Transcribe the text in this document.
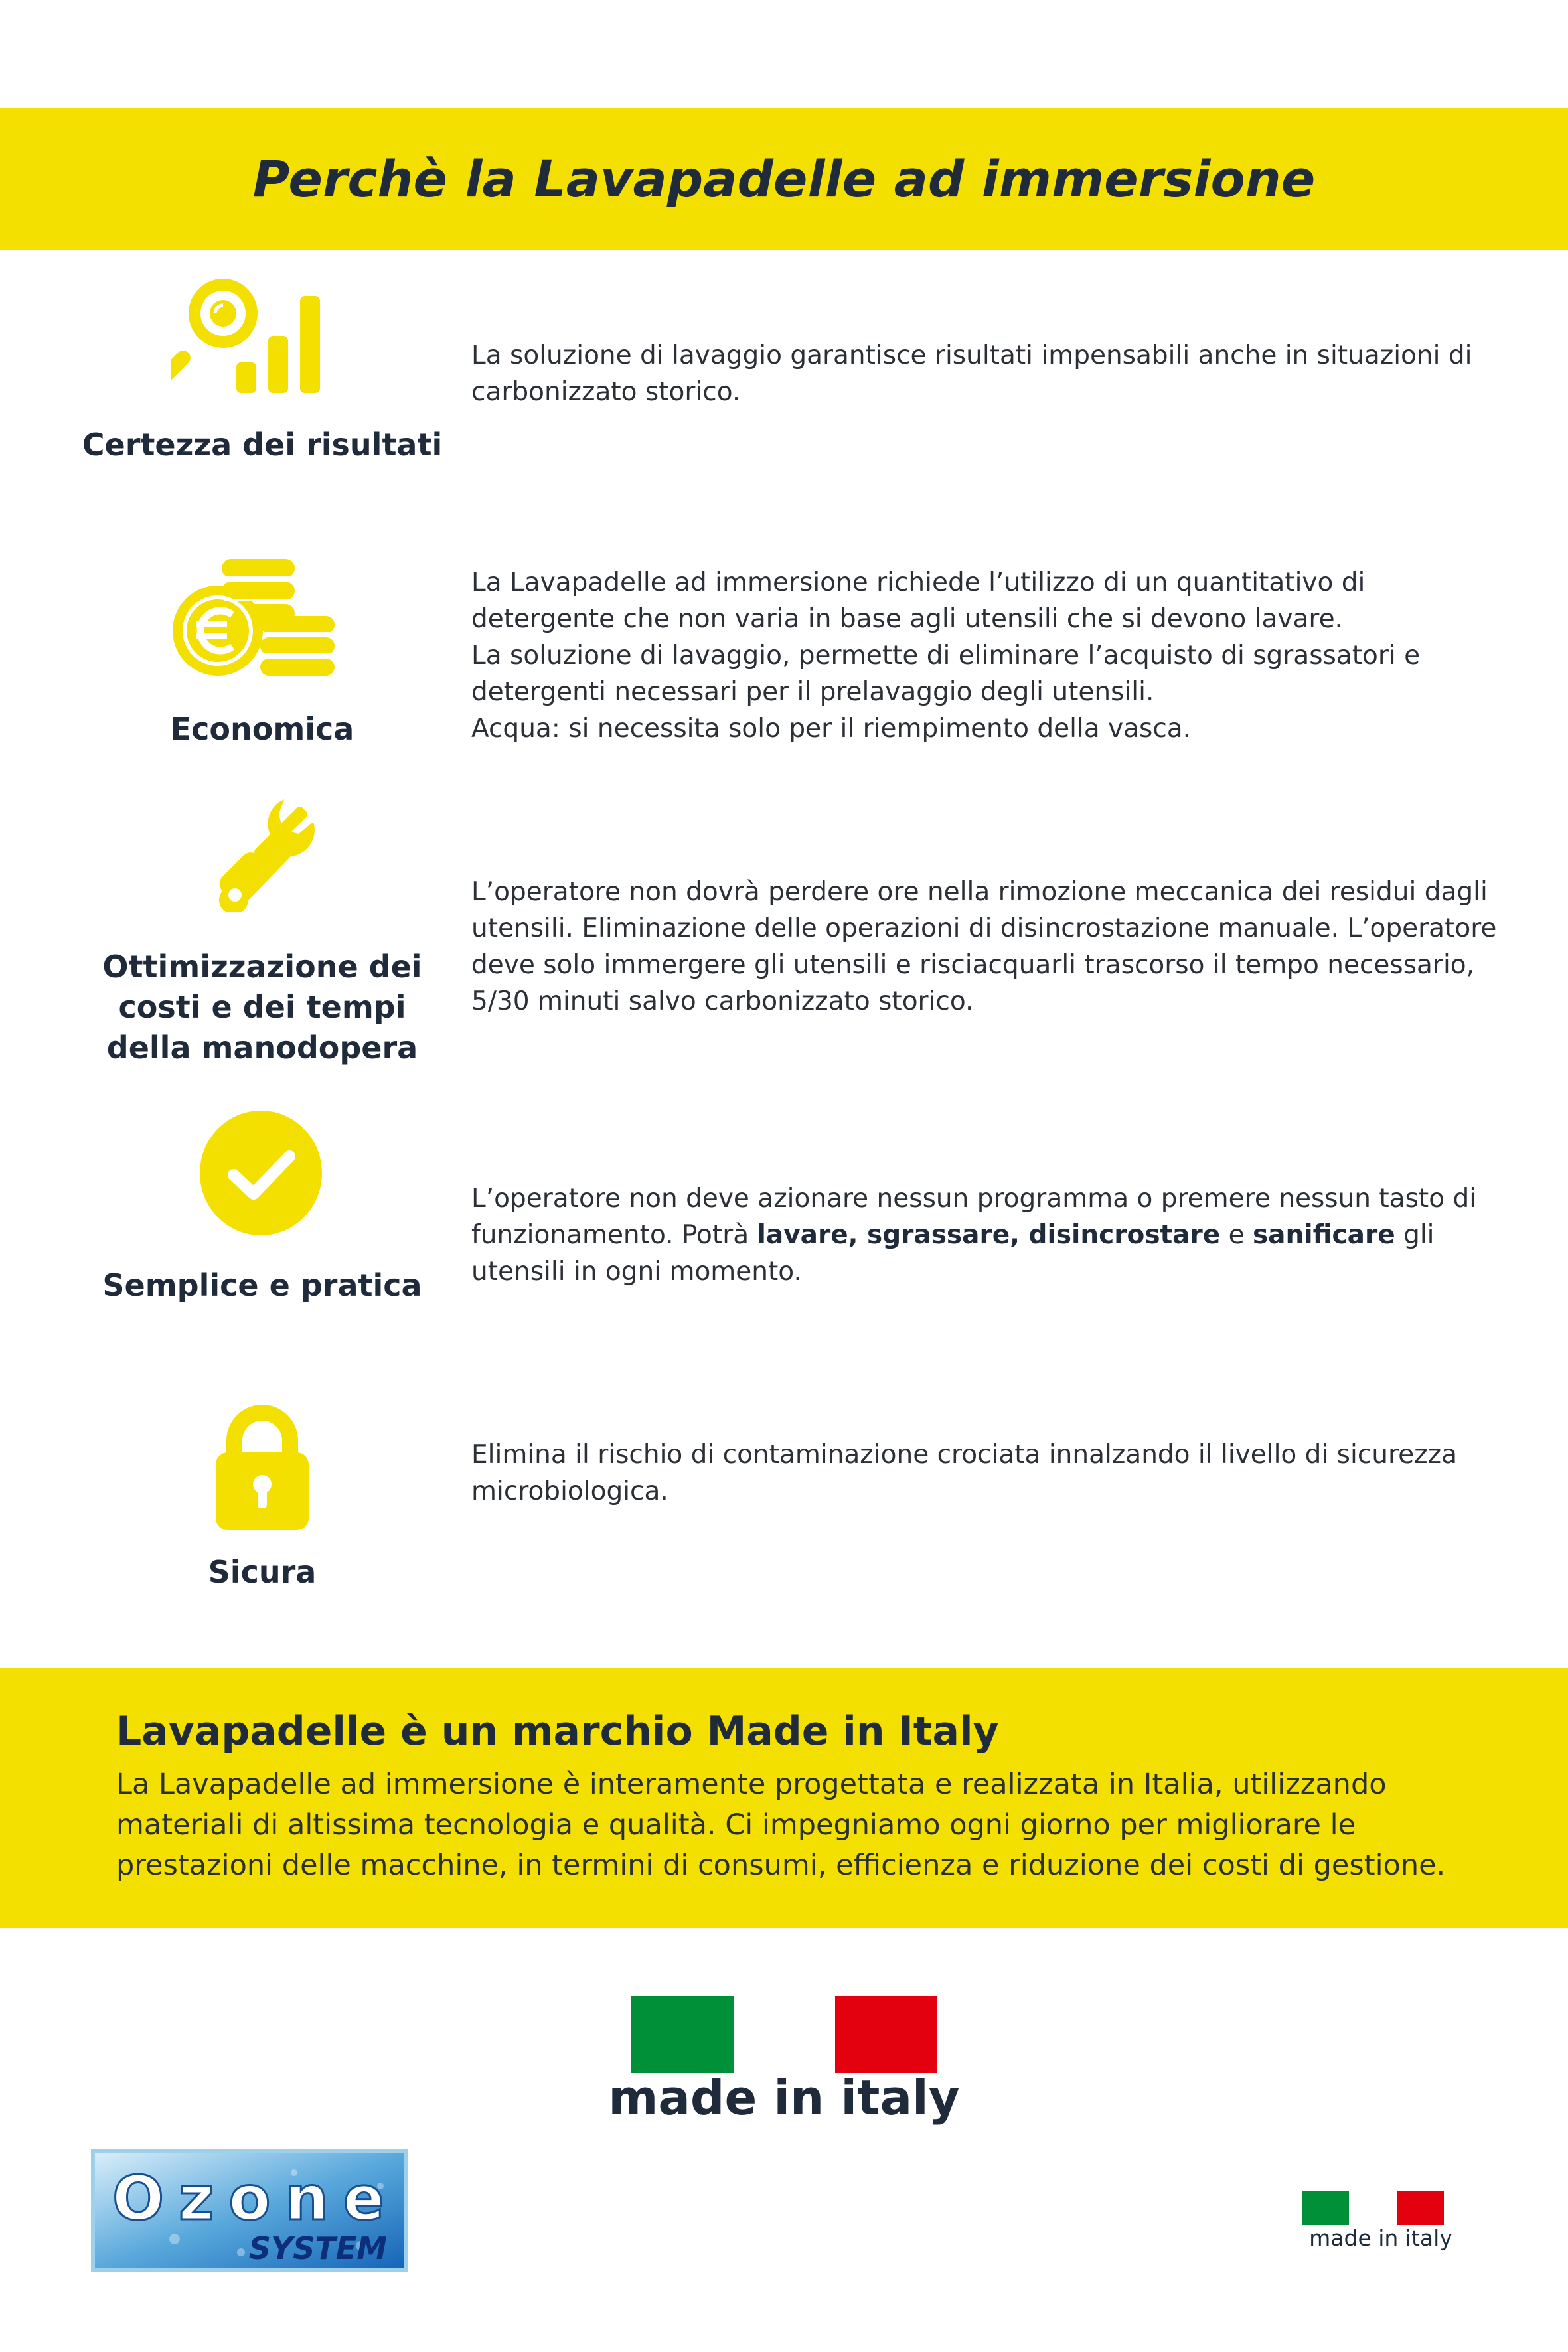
Perchè la Lavapadelle ad immersione
Certezza dei risultati

La soluzione di lavaggio garantisce risultati impensabili anche in situazioni di carbonizzato storico.

Economica

La Lavapadelle ad immersione richiede l’utilizzo di un quantitativo di detergente che non varia in base agli utensili che si devono lavare.

La soluzione di lavaggio, permette di eliminare l’acquisto di sgrassatori e detergenti necessari per il prelavaggio degli utensili.

Acqua: si necessita solo per il riempimento della vasca.

Ottimizzazione dei costi e dei tempi della manodopera

L’operatore non dovrà perdere ore nella rimozione meccanica dei residui dagli utensili. Eliminazione delle operazioni di disincrostazione manuale. L’operatore deve solo immergere gli utensili e risciacquarli trascorso il tempo necessario, 5/30 minuti salvo carbonizzato storico.

Semplice e pratica

L’operatore non deve azionare nessun programma o premere nessun tasto di funzionamento. Potrà lavare, sgrassare, disincrostare e sanificare gli utensili in ogni momento.

Sicura

Elimina il rischio di contaminazione crociata innalzando il livello di sicurezza microbiologica.

Lavapadelle è un marchio Made in Italy

La Lavapadelle ad immersione è interamente progettata e realizzata in Italia, utilizzando materiali di altissima tecnologia e qualità. Ci impegniamo ogni giorno per migliorare le prestazioni delle macchine, in termini di consumi, efficienza e riduzione dei costi di gestione.

made in italy
Ozone
SYSTEM	made in italy
